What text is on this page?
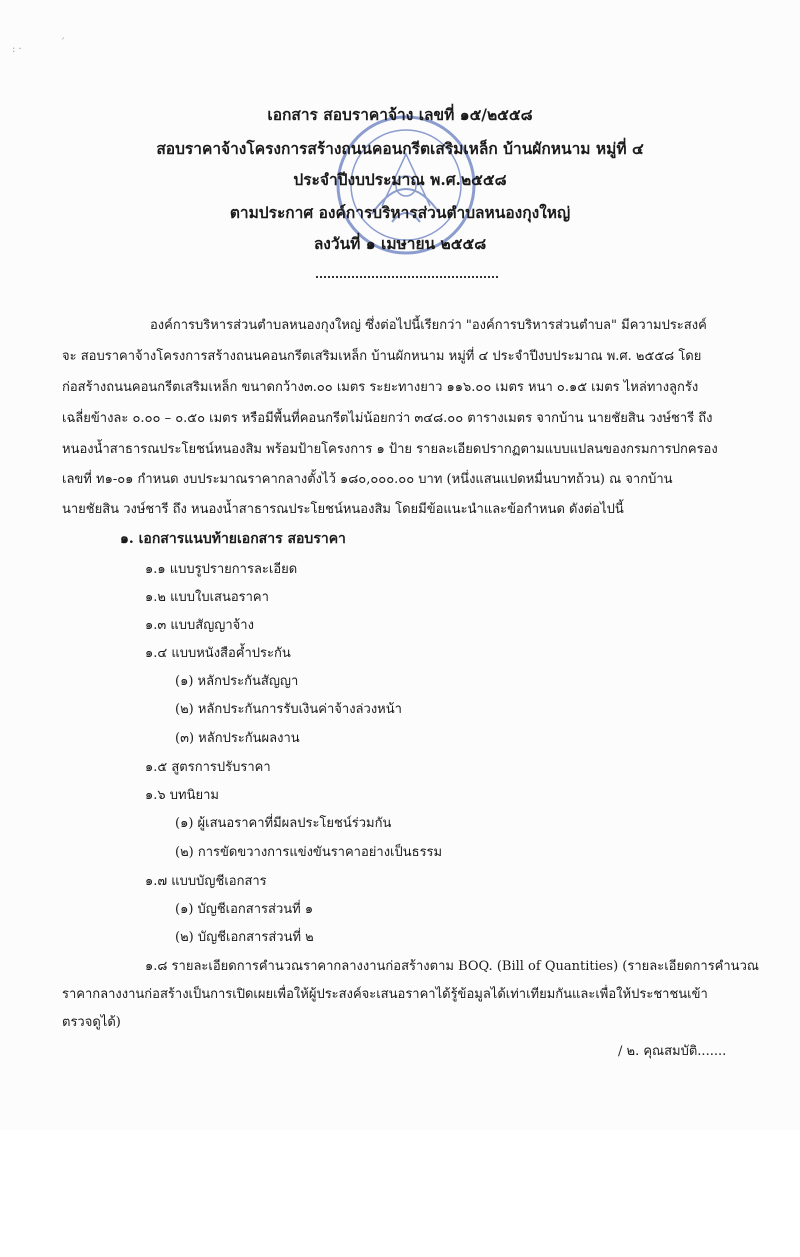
: ·
´
เอกสาร สอบราคาจ้าง เลขที่ ๑๕/๒๕๕๘
สอบราคาจ้างโครงการสร้างถนนคอนกรีตเสริมเหล็ก บ้านผักหนาม หมู่ที่ ๔
ประจำปีงบประมาณ พ.ศ.๒๕๕๘
ตามประกาศ องค์การบริหารส่วนตำบลหนองกุงใหญ่
ลงวันที่ ๑ เมษายน ๒๕๕๘
องค์การบริหารส่วนตำบลหนองกุงใหญ่ ซึ่งต่อไปนี้เรียกว่า "องค์การบริหารส่วนตำบล" มีความประสงค์
จะ สอบราคาจ้างโครงการสร้างถนนคอนกรีตเสริมเหล็ก บ้านผักหนาม หมู่ที่ ๔ ประจำปีงบประมาณ พ.ศ. ๒๕๕๘ โดย
ก่อสร้างถนนคอนกรีตเสริมเหล็ก ขนาดกว้าง๓.๐๐ เมตร ระยะทางยาว ๑๑๖.๐๐ เมตร หนา ๐.๑๕ เมตร ไหล่ทางลูกรัง
เฉลี่ยข้างละ ๐.๐๐ – ๐.๕๐ เมตร หรือมีพื้นที่คอนกรีตไม่น้อยกว่า ๓๔๘.๐๐ ตารางเมตร จากบ้าน นายชัยสิน วงษ์ชารี ถึง
หนองน้ำสาธารณประโยชน์หนองสิม พร้อมป้ายโครงการ ๑ ป้าย รายละเอียดปรากฏตามแบบแปลนของกรมการปกครอง
เลขที่ ท๑-๐๑ กำหนด งบประมาณราคากลางตั้งไว้ ๑๘๐,๐๐๐.๐๐ บาท (หนึ่งแสนแปดหมื่นบาทถ้วน) ณ จากบ้าน
นายชัยสิน วงษ์ชารี ถึง หนองน้ำสาธารณประโยชน์หนองสิม โดยมีข้อแนะนำและข้อกำหนด ดังต่อไปนี้
๑. เอกสารแนบท้ายเอกสาร สอบราคา
๑.๑ แบบรูปรายการละเอียด
๑.๒ แบบใบเสนอราคา
๑.๓ แบบสัญญาจ้าง
๑.๔ แบบหนังสือค้ำประกัน
(๑) หลักประกันสัญญา
(๒) หลักประกันการรับเงินค่าจ้างล่วงหน้า
(๓) หลักประกันผลงาน
๑.๕ สูตรการปรับราคา
๑.๖ บทนิยาม
(๑) ผู้เสนอราคาที่มีผลประโยชน์ร่วมกัน
(๒) การขัดขวางการแข่งขันราคาอย่างเป็นธรรม
๑.๗ แบบบัญชีเอกสาร
(๑) บัญชีเอกสารส่วนที่ ๑
(๒) บัญชีเอกสารส่วนที่ ๒
๑.๘ รายละเอียดการคำนวณราคากลางงานก่อสร้างตาม BOQ. (Bill of Quantities) (รายละเอียดการคำนวณ
ราคากลางงานก่อสร้างเป็นการเปิดเผยเพื่อให้ผู้ประสงค์จะเสนอราคาได้รู้ข้อมูลได้เท่าเทียมกันและเพื่อให้ประชาชนเข้า
ตรวจดูได้)
/ ๒. คุณสมบัติ.......
